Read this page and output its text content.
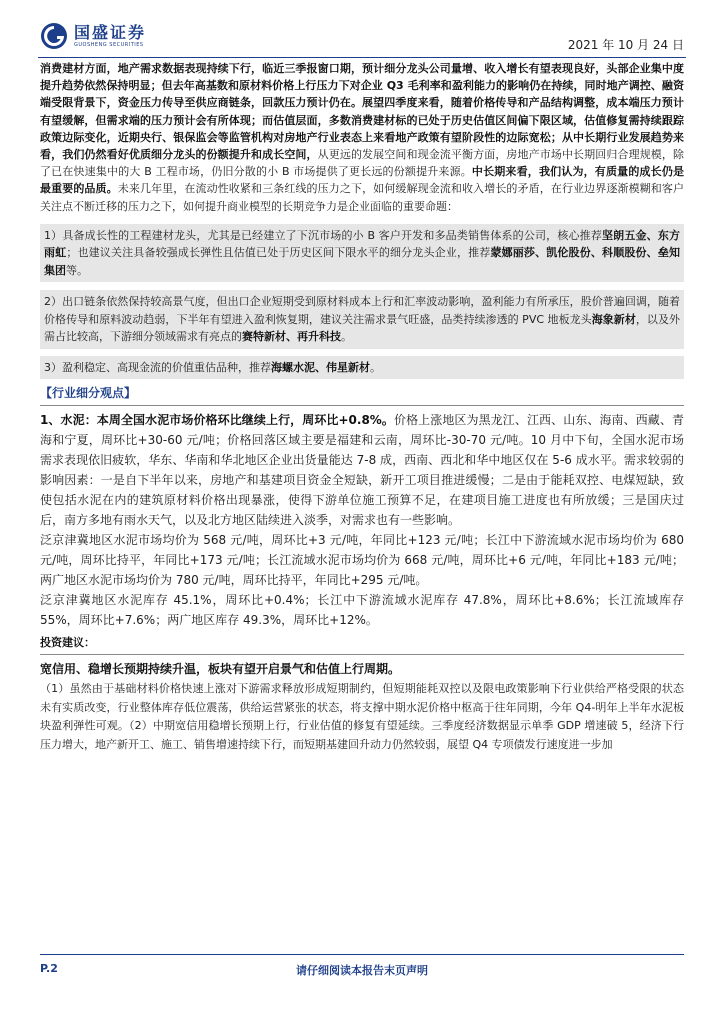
国盛证券
GUOSHENG SECURITIES	2021 年 10 月 24 日

消费建材方面，地产需求数据表现持续下行，临近三季报窗口期，预计细分龙头公司量增、收入增长有望表现良好，头部企业集中度提升趋势依然保持明显；但去年高基数和原材料价格上行压力下对企业 Q3 毛利率和盈利能力的影响仍在持续，同时地产调控、融资端受限背景下，资金压力传导至供应商链条，回款压力预计仍在。展望四季度来看，随着价格传导和产品结构调整，成本端压力预计有望缓解，但需求端的压力预计会有所体现；而估值层面，多数消费建材标的已处于历史估值区间偏下限区域，估值修复需持续跟踪政策边际变化，近期央行、银保监会等监管机构对房地产行业表态上来看地产政策有望阶段性的边际宽松；从中长期行业发展趋势来看，我们仍然看好优质细分龙头的份额提升和成长空间，从更远的发展空间和现金流平衡方面，房地产市场中长期回归合理规模，除了已在快速集中的大 B 工程市场，仍旧分散的小 B 市场提供了更长远的份额提升来源。中长期来看，我们认为，有质量的成长仍是最重要的品质。未来几年里，在流动性收紧和三条红线的压力之下，如何缓解现金流和收入增长的矛盾，在行业边界逐渐模糊和客户关注点不断迁移的压力之下，如何提升商业模型的长期竞争力是企业面临的重要命题：

1）具备成长性的工程建材龙头，尤其是已经建立了下沉市场的小 B 客户开发和多品类销售体系的公司，核心推荐坚朗五金、东方雨虹；也建议关注具备较强成长弹性且估值已处于历史区间下限水平的细分龙头企业，推荐蒙娜丽莎、凯伦股份、科顺股份、垒知集团等。
2）出口链条依然保持较高景气度，但出口企业短期受到原材料成本上行和汇率波动影响，盈利能力有所承压，股价普遍回调，随着价格传导和原料波动趋弱，下半年有望进入盈利恢复期，建议关注需求景气旺盛，品类持续渗透的 PVC 地板龙头海象新材，以及外需占比较高，下游细分领域需求有亮点的赛特新材、再升科技。
3）盈利稳定、高现金流的价值重估品种，推荐海螺水泥、伟星新材。
【行业细分观点】

1、水泥：本周全国水泥市场价格环比继续上行，周环比+0.8%。价格上涨地区为黑龙江、江西、山东、海南、西藏、青海和宁夏，周环比+30-60 元/吨；价格回落区域主要是福建和云南，周环比-30-70 元/吨。10 月中下旬，全国水泥市场需求表现依旧疲软，华东、华南和华北地区企业出货量能达 7-8 成，西南、西北和华中地区仅在 5-6 成水平。需求较弱的影响因素：一是自下半年以来，房地产和基建项目资金全短缺，新开工项目推进缓慢；二是由于能耗双控、电煤短缺，致使包括水泥在内的建筑原材料价格出现暴涨，使得下游单位施工预算不足，在建项目施工进度也有所放缓；三是国庆过后，南方多地有雨水天气，以及北方地区陆续进入淡季，对需求也有一些影响。

泛京津冀地区水泥市场均价为 568 元/吨，周环比+3 元/吨，年同比+123 元/吨；长江中下游流域水泥市场均价为 680 元/吨，周环比持平，年同比+173 元/吨；长江流域水泥市场均价为 668 元/吨，周环比+6 元/吨，年同比+183 元/吨；两广地区水泥市场均价为 780 元/吨，周环比持平，年同比+295 元/吨。

泛京津冀地区水泥库存 45.1%，周环比+0.4%；长江中下游流域水泥库存 47.8%，周环比+8.6%；长江流域库存 55%，周环比+7.6%；两广地区库存 49.3%，周环比+12%。

投资建议：
宽信用、稳增长预期持续升温，板块有望开启景气和估值上行周期。

（1）虽然由于基础材料价格快速上涨对下游需求释放形成短期制约，但短期能耗双控以及限电政策影响下行业供给严格受限的状态未有实质改变，行业整体库存低位震荡，供给运营紧张的状态，将支撑中期水泥价格中枢高于往年同期，今年 Q4-明年上半年水泥板块盈利弹性可观。（2）中期宽信用稳增长预期上行，行业估值的修复有望延续。三季度经济数据显示单季 GDP 增速破 5，经济下行压力增大，地产新开工、施工、销售增速持续下行，而短期基建回升动力仍然较弱，展望 Q4 专项债发行速度进一步加

P.2	请仔细阅读本报告末页声明
